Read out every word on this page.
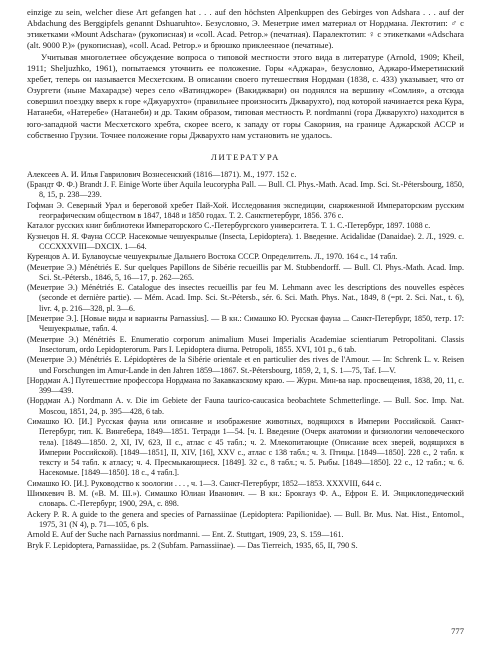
einzige zu sein, welcher diese Art gefangen hat . . . auf den höchsten Alpenkuppen des Gebirges von Adshara . . . auf der Abdachung des Berggipfels genannt Dshuaruhto». Безусловно, Э. Менетрие имел материал от Нордмана. Лектотип: ♂ с этикетками «Mount Adschara» (рукописная) и «coll. Acad. Petrop.» (печатная). Паралектотип: ♀ с этикетками «Adschara (alt. 9000 P.)» (рукописная), «coll. Acad. Petrop.» и брюшко приклеенное (печатные).

Учитывая многолетнее обсуждение вопроса о типовой местности этого вида в литературе (Arnold, 1909; Kheil, 1911; Sheljuzhko, 1961), попытаемся уточнить ее положение. Горы «Аджара», безусловно, Аджаро-Имеретинский хребет, теперь он называется Месхетским. В описании своего путешествия Нордман (1838, с. 433) указывает, что от Озургети (ныне Махарадзе) через село «Ватинджоре» (Вакиджвари) он поднялся на вершину «Сомлия», а отсюда совершил поездку вверх к горе «Джуарухто» (правильнее произносить Джварухто), под которой начинается река Кура, Натанеби, «Натеребе» (Натанеби) и др. Таким образом, типовая местность P. nordmanni (гора Джварухто) находится в юго-западной части Месхетского хребта, скорее всего, к западу от горы Сакорния, на границе Аджарской АССР и собственно Грузии. Точнее положение горы Джварухто нам установить не удалось.

ЛИТЕРАТУРА

Алексеев А. И. Илья Гаврилович Вознесенский (1816—1871). М., 1977. 152 с.

(Брандт Ф. Ф.) Brandt J. F. Einige Worte über Aquila leucorypha Pall. — Bull. Cl. Phys.-Math. Acad. Imp. Sci. St.-Pétersbourg, 1850, 8, 15, p. 238—239.

Гофман Э. Северный Урал и береговой хребет Пай-Хой. Исследования экспедиции, снаряженной Императорским русским географическим обществом в 1847, 1848 и 1850 годах. Т. 2. Санктпетербург, 1856. 376 с.

Каталог русских книг библиотеки Императорского С.-Петербургского университета. Т. 1. С.-Петербург, 1897. 1088 с.

Кузнецов Н. Я. Фауна СССР. Насекомые чешуекрылые (Insecta, Lepidoptera). 1. Введение. Acidalidae (Danaidae). 2. Л., 1929. с. CCCXXXVIII—DXCIX. 1—64.

Куренцов А. И. Булавоусые чешуекрылые Дальнего Востока СССР. Определитель. Л., 1970. 164 с., 14 табл.

(Менетрие Э.) Ménétriés E. Sur quelques Papillons de Sibérie recueillis par M. Stubbendorff. — Bull. Cl. Phys.-Math. Acad. Imp. Sci. St.-Pétersb., 1846, 5, 16—17, p. 262—265.

(Менетрие Э.) Ménétriés E. Catalogue des insectes recueillis par feu M. Lehmann avec les descriptions des nouvelles espèces (seconde et dernière partie). — Mém. Acad. Imp. Sci. St.-Pétersb., sér. 6. Sci. Math. Phys. Nat., 1849, 8 (=pt. 2. Sci. Nat., t. 6), livr. 4, p. 216—328, pl. 3—6.

[Менетрие Э.]. [Новые виды и варианты Parnassius]. — В кн.: Симашко Ю. Русская фауна ... Санкт-Петербург, 1850, тетр. 17: Чешуекрылые, табл. 4.

(Менетрие Э.) Ménétriés E. Enumeratio corporum animalium Musei Imperialis Academiae scientiarum Petropolitani. Classis Insectorum, ordo Lepidopterorum. Pars I. Lepidoptera diurna. Petropoli, 1855. XVI, 101 p., 6 tab.

(Менетрие Э.) Ménétriés E. Lépidoptères de la Sibérie orientale et en particulier des rives de l'Amour. — In: Schrenk L. v. Reisen und Forschungen im Amur-Lande in den Jahren 1859—1867. St.-Pétersbourg, 1859, 2, 1, S. 1—75, Taf. I—V.

[Нордман А.] Путешествие профессора Нордмана по Закавказскому краю. — Журн. Мин-ва нар. просвещения, 1838, 20, 11, с. 399—439.

(Нордман А.) Nordmann A. v. Die im Gebiete der Fauna taurico-caucasica beobachtete Schmetterlinge. — Bull. Soc. Imp. Nat. Moscou, 1851, 24, p. 395—428, 6 tab.

Симашко Ю. [И.] Русская фауна или описание и изображение животных, водящихся в Империи Российской. Санкт-Петербург, тип. К. Вингебера, 1849—1851. Тетради 1—54. [ч. I. Введение (Очерк анатомии и физиологии человеческого тела). [1849—1850. 2, XI, IV, 623, II с., атлас с 45 табл.; ч. 2. Млекопитающие (Описание всех зверей, водящихся в Империи Российской). [1849—1851], II, XIV, [16], XXV с., атлас с 138 табл.; ч. 3. Птицы. [1849—1850]. 228 с., 2 табл. к тексту и 54 табл. к атласу; ч. 4. Пресмыкающиеся. [1849]. 32 с., 8 табл.; ч. 5. Рыбы. [1849—1850]. 22 с., 12 табл.; ч. 6. Насекомые. [1849—1850]. 18 с., 4 табл.].

Симашко Ю. [И.]. Руководство к зоологии . . . , ч. 1—3. Санкт-Петербург, 1852—1853. XXXVIII, 644 с.

Шимкевич В. М. («В. М. Ш.»). Симашко Юлиан Иванович. — В кн.: Брокгауз Ф. А., Ефрон Е. И. Энциклопедический словарь. С.-Петербург, 1900, 29А, с. 898.

Ackery P. R. A guide to the genera and species of Parnassiinae (Lepidoptera: Papilionidae). — Bull. Br. Mus. Nat. Hist., Entomol., 1975, 31 (N 4), p. 71—105, 6 pls.

Arnold E. Auf der Suche nach Parnassius nordmanni. — Ent. Z. Stuttgart, 1909, 23, S. 159—161.

Bryk F. Lepidoptera, Parnassiidae, ps. 2 (Subfam. Parnassiinae). — Das Tierreich, 1935, 65, II, 790 S.

777
